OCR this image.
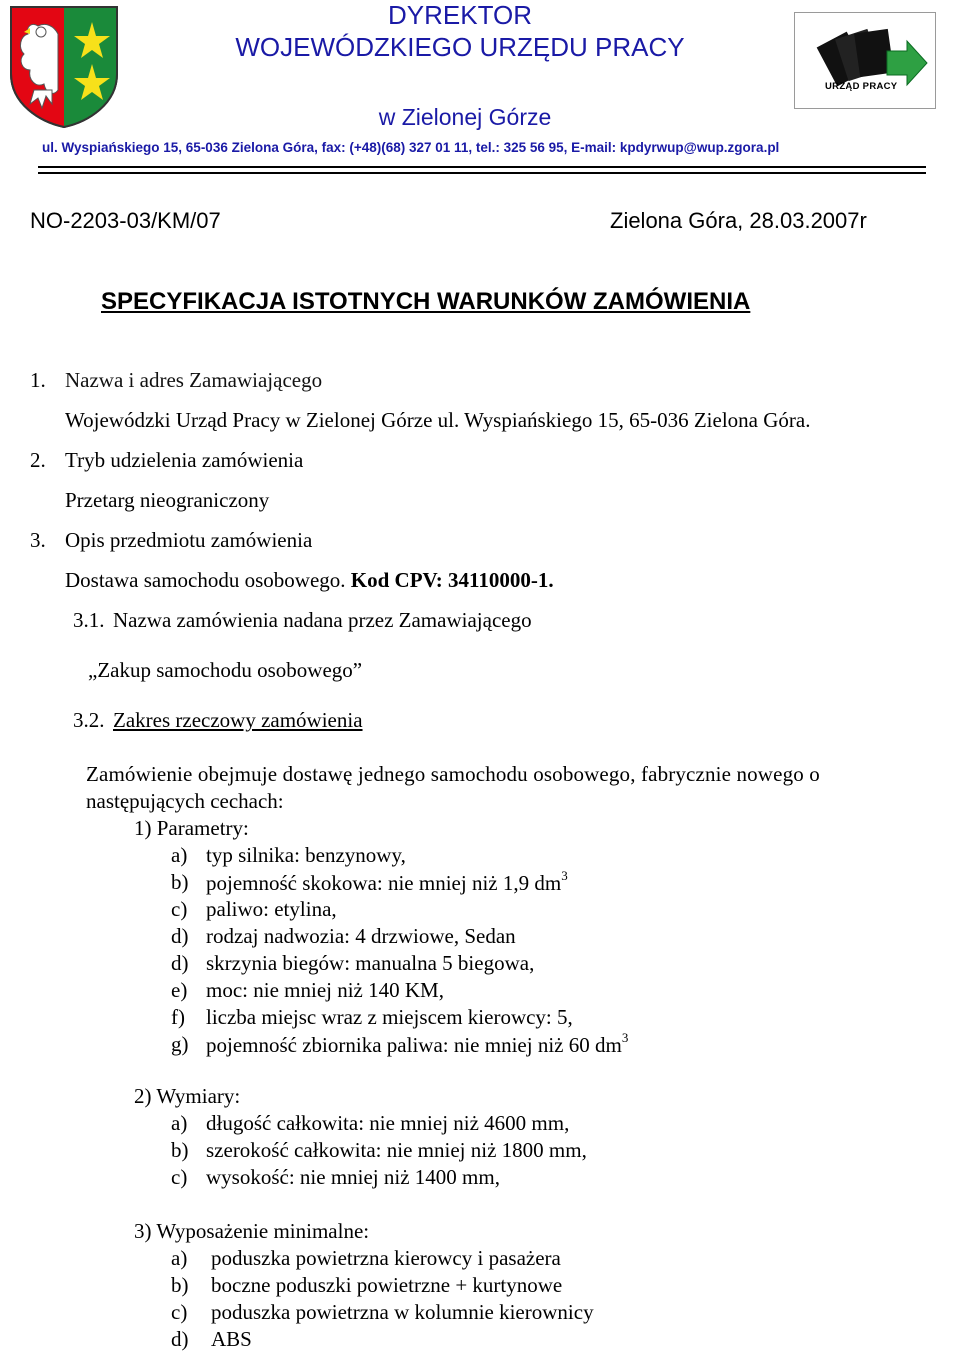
DYREKTOR
WOJEWÓDZKIEGO URZĘDU PRACY
w Zielonej Górze
ul. Wyspiańskiego 15, 65-036 Zielona Góra, fax: (+48)(68) 327 01 11, tel.: 325 56 95, E-mail: kpdyrwup@wup.zgora.pl
URZĄD PRACY
NO-2203-03/KM/07	Zielona Góra, 28.03.2007r
SPECYFIKACJA ISTOTNYCH WARUNKÓW ZAMÓWIENIA
1. Nazwa i adres Zamawiającego
Wojewódzki Urząd Pracy w Zielonej Górze ul. Wyspiańskiego 15, 65-036 Zielona Góra.
2. Tryb udzielenia zamówienia
Przetarg nieograniczony
3. Opis przedmiotu zamówienia
Dostawa samochodu osobowego. Kod CPV: 34110000-1.
3.1. Nazwa zamówienia nadana przez Zamawiającego
„Zakup samochodu osobowego”
3.2. Zakres rzeczowy zamówienia
Zamówienie obejmuje dostawę jednego samochodu osobowego, fabrycznie nowego o
następujących cechach:
1) Parametry:
a) typ silnika: benzynowy,
b) pojemność skokowa: nie mniej niż 1,9 $dm^3$
c) paliwo: etylina,
d) rodzaj nadwozia: 4 drzwiowe, Sedan
d) skrzynia biegów: manualna 5 biegowa,
e) moc: nie mniej niż 140 KM,
f) liczba miejsc wraz z miejscem kierowcy: 5,
g) pojemność zbiornika paliwa: nie mniej niż 60 $dm^3$
2) Wymiary:
a) długość całkowita: nie mniej niż 4600 mm,
b) szerokość całkowita: nie mniej niż 1800 mm,
c) wysokość: nie mniej niż 1400 mm,
3) Wyposażenie minimalne:
a) poduszka powietrzna kierowcy i pasażera
b) boczne poduszki powietrzne + kurtynowe
c) poduszka powietrzna w kolumnie kierownicy
d) ABS
